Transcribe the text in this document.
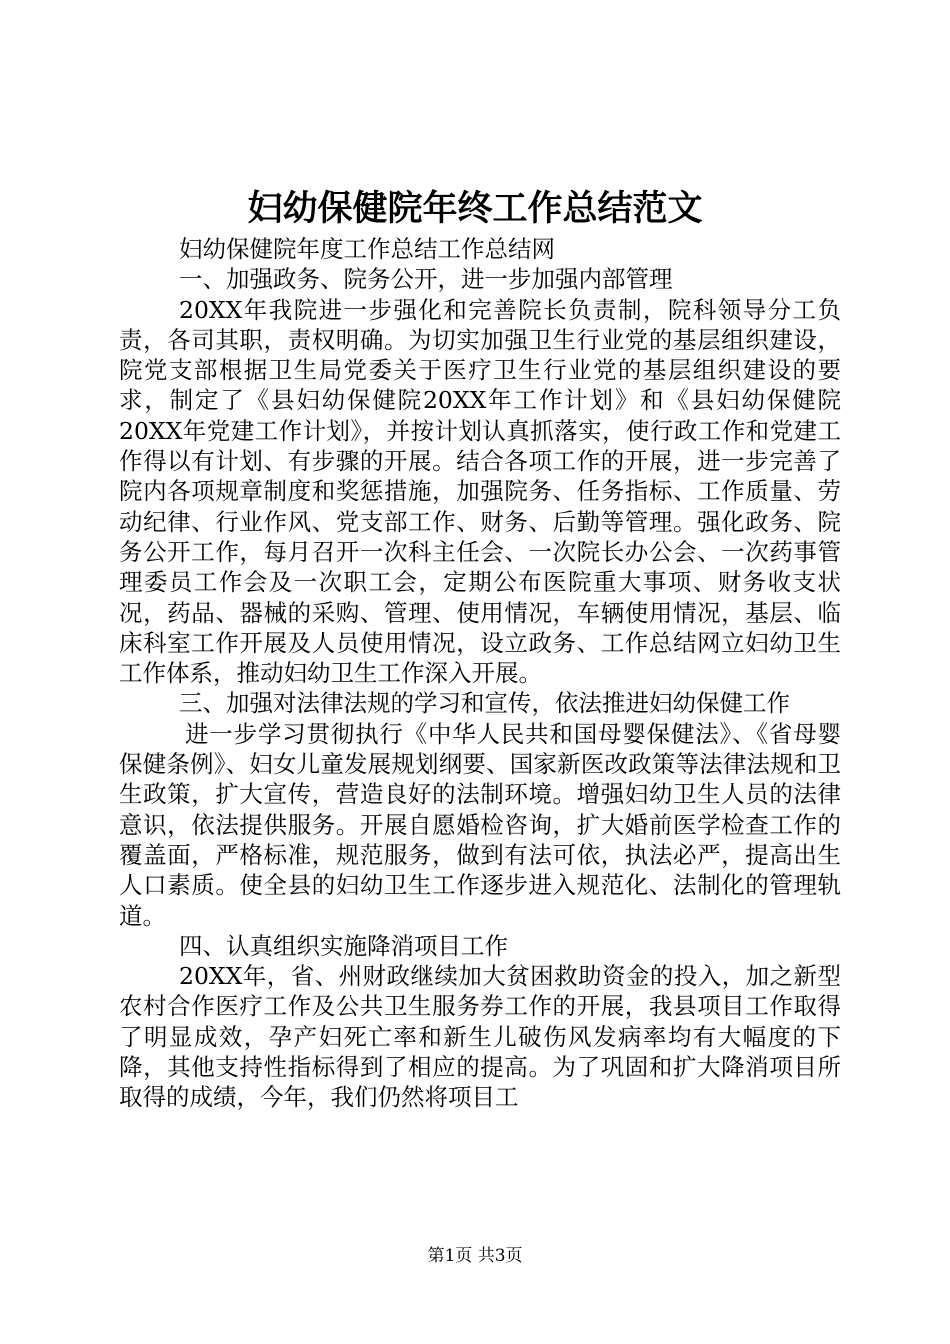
妇幼保健院年终工作总结范文

妇幼保健院年度工作总结工作总结网

一、加强政务、院务公开，进一步加强内部管理

20XX年我院进一步强化和完善院长负责制，院科领导分工负责，各司其职，责权明确。为切实加强卫生行业党的基层组织建设，院党支部根据卫生局党委关于医疗卫生行业党的基层组织建设的要求，制定了《县妇幼保健院20XX年工作计划》和《县妇幼保健院20XX年党建工作计划》，并按计划认真抓落实，使行政工作和党建工作得以有计划、有步骤的开展。结合各项工作的开展，进一步完善了院内各项规章制度和奖惩措施，加强院务、任务指标、工作质量、劳动纪律、行业作风、党支部工作、财务、后勤等管理。强化政务、院务公开工作，每月召开一次科主任会、一次院长办公会、一次药事管理委员工作会及一次职工会，定期公布医院重大事项、财务收支状况，药品、器械的采购、管理、使用情况，车辆使用情况，基层、临床科室工作开展及人员使用情况，设立政务、工作总结网立妇幼卫生工作体系，推动妇幼卫生工作深入开展。

三、加强对法律法规的学习和宣传，依法推进妇幼保健工作

进一步学习贯彻执行《中华人民共和国母婴保健法》、《省母婴保健条例》、妇女儿童发展规划纲要、国家新医改政策等法律法规和卫生政策，扩大宣传，营造良好的法制环境。增强妇幼卫生人员的法律意识，依法提供服务。开展自愿婚检咨询，扩大婚前医学检查工作的覆盖面，严格标准，规范服务，做到有法可依，执法必严，提高出生人口素质。使全县的妇幼卫生工作逐步进入规范化、法制化的管理轨道。

四、认真组织实施降消项目工作

20XX年，省、州财政继续加大贫困救助资金的投入，加之新型农村合作医疗工作及公共卫生服务券工作的开展，我县项目工作取得了明显成效，孕产妇死亡率和新生儿破伤风发病率均有大幅度的下降，其他支持性指标得到了相应的提高。为了巩固和扩大降消项目所取得的成绩，今年，我们仍然将项目工

第1页 共3页
